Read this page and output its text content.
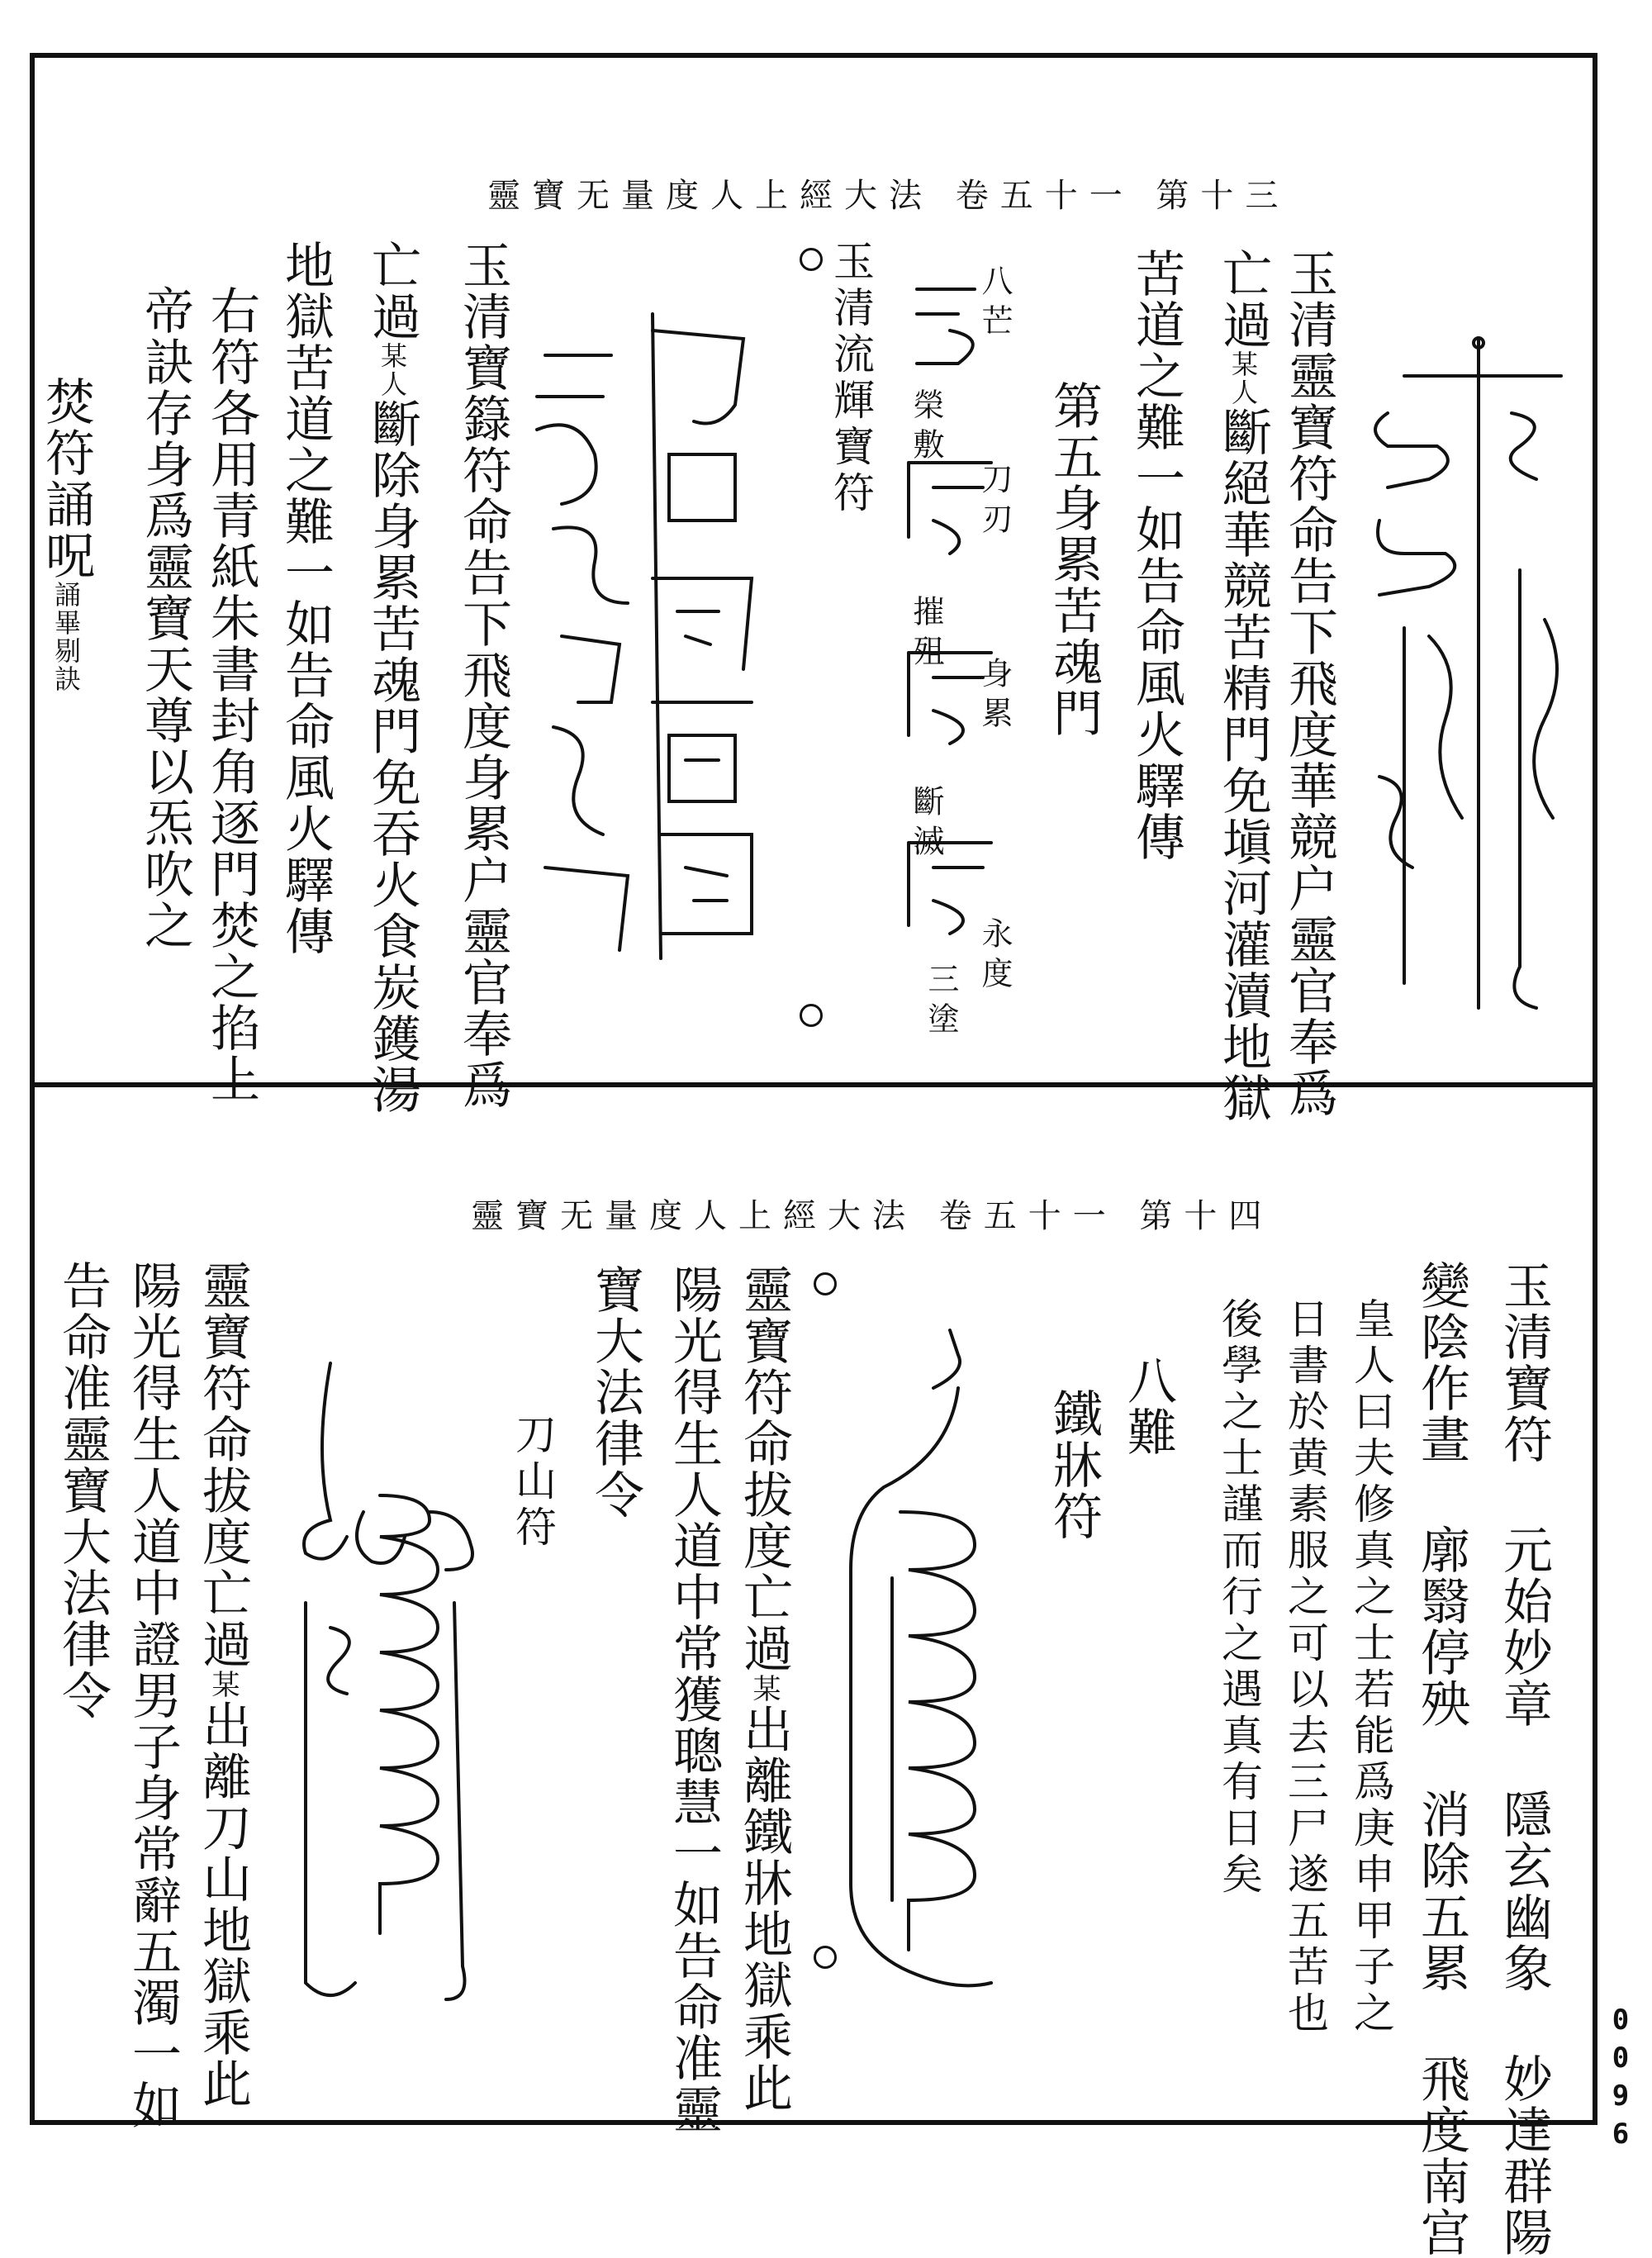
靈寶无量度人上經大法 卷五十一 第十三
玉清靈寶符命告下飛度華競户靈官奉爲
亡過某人斷絕華競苦精門免塡河灌瀆地獄
苦道之難一如告命風火驛傳
第五身累苦魂門
玉清流輝寶符	八芒
榮敷
刀刃
摧殂
身累
斷滅
永度
三塗
玉清寶籙符命告下飛度身累户靈官奉爲
亡過某人斷除身累苦魂門免吞火食炭鑊湯
地獄苦道之難一如告命風火驛傳
右符各用青紙朱書封角逐門焚之掐上
帝訣存身爲靈寶天尊以炁吹之
焚符誦呪誦畢剔訣
靈寶无量度人上經大法 卷五十一 第十四
玉清寶符 元始妙章 隱玄幽象 妙達群陽
變陰作晝 廓翳停殃 消除五累 飛度南宫
皇人曰夫修真之士若能爲庚申甲子之
日書於黄素服之可以去三尸遂五苦也
後學之士謹而行之遇真有日矣
八難
鐵牀符
靈寶符命拔度亡過某出離鐵牀地獄乘此
陽光得生人道中常獲聰慧一如告命准靈
寶大法律令
刀山符
靈寶符命拔度亡過某出離刀山地獄乘此
陽光得生人道中證男子身常辭五濁一如
告命准靈寶大法律令
0096
